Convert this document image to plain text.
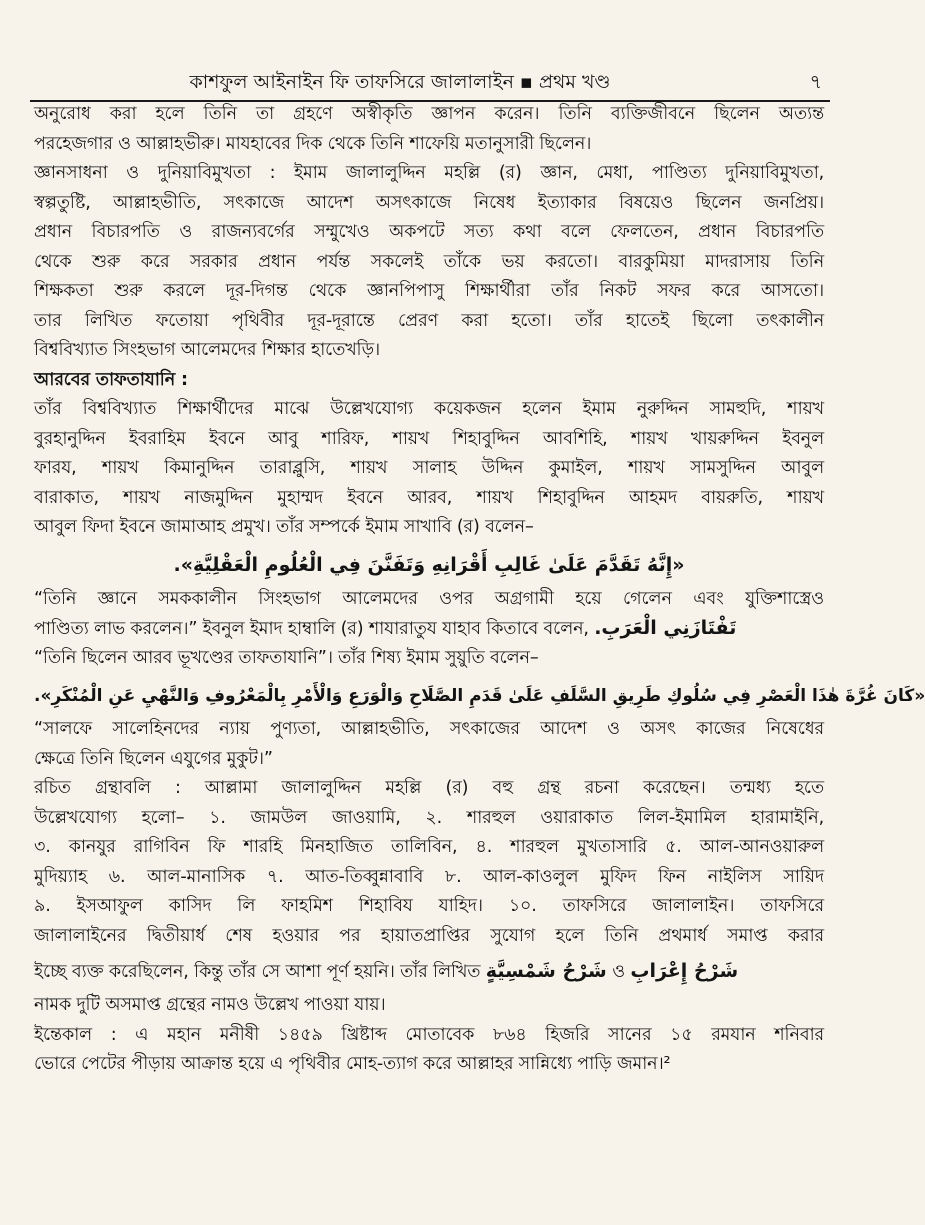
কাশফুল আইনাইন ফি তাফসিরে জালালাইন ▪ প্রথম খণ্ড	৭
অনুরোধ করা হলে তিনি তা গ্রহণে অস্বীকৃতি জ্ঞাপন করেন। তিনি ব্যক্তিজীবনে ছিলেন অত্যন্ত
পরহেজগার ও আল্লাহভীরু। মাযহাবের দিক থেকে তিনি শাফেয়ি মতানুসারী ছিলেন।
জ্ঞানসাধনা ও দুনিয়াবিমুখতা : ইমাম জালালুদ্দিন মহল্লি (র) জ্ঞান, মেধা, পাণ্ডিত্য দুনিয়াবিমুখতা,
স্বল্পতুষ্টি, আল্লাহভীতি, সৎকাজে আদেশ অসৎকাজে নিষেধ ইত্যাকার বিষয়েও ছিলেন জনপ্রিয়।
প্রধান বিচারপতি ও রাজন্যবর্গের সম্মুখেও অকপটে সত্য কথা বলে ফেলতেন, প্রধান বিচারপতি
থেকে শুরু করে সরকার প্রধান পর্যন্ত সকলেই তাঁকে ভয় করতো। বারকুমিয়া মাদরাসায় তিনি
শিক্ষকতা শুরু করলে দূর-দিগন্ত থেকে জ্ঞানপিপাসু শিক্ষার্থীরা তাঁর নিকট সফর করে আসতো।
তার লিখিত ফতোয়া পৃথিবীর দূর-দূরান্তে প্রেরণ করা হতো। তাঁর হাতেই ছিলো তৎকালীন
বিশ্ববিখ্যাত সিংহভাগ আলেমদের শিক্ষার হাতেখড়ি।
আরবের তাফতাযানি :
তাঁর বিশ্ববিখ্যাত শিক্ষার্থীদের মাঝে উল্লেখযোগ্য কয়েকজন হলেন ইমাম নুরুদ্দিন সামহুদি, শায়খ
বুরহানুদ্দিন ইবরাহিম ইবনে আবু শারিফ, শায়খ শিহাবুদ্দিন আবশিহি, শায়খ খায়রুদ্দিন ইবনুল
ফারয, শায়খ কিমানুদ্দিন তারাব্লুসি, শায়খ সালাহ উদ্দিন কুমাইল, শায়খ সামসুদ্দিন আবুল
বারাকাত, শায়খ নাজমুদ্দিন মুহাম্মদ ইবনে আরব, শায়খ শিহাবুদ্দিন আহমদ বায়রুতি, শায়খ
আবুল ফিদা ইবনে জামাআহ প্রমুখ। তাঁর সম্পর্কে ইমাম সাখাবি (র) বলেন–
«إِنَّهُ تَقَدَّمَ عَلَىٰ غَالِبِ أَقْرَانِهِ وَتَفَنَّنَ فِي الْعُلُومِ الْعَقْلِيَّةِ».
“তিনি জ্ঞানে সমককালীন সিংহভাগ আলেমদের ওপর অগ্রগামী হয়ে গেলেন এবং যুক্তিশাস্ত্রেও
পাণ্ডিত্য লাভ করলেন।” ইবনুল ইমাদ হাম্বালি (র) শাযারাতুয যাহাব কিতাবে বলেন, تَفْتَازَنِي الْعَرَبِ.
“তিনি ছিলেন আরব ভূখণ্ডের তাফতাযানি”। তাঁর শিষ্য ইমাম সুয়ুতি বলেন–
«كَانَ غُرَّةَ هٰذَا الْعَصْرِ فِي سُلُوكِ طَرِيقِ السَّلَفِ عَلَىٰ قَدَمِ الصَّلَاحِ وَالْوَرَعِ وَالْأَمْرِ بِالْمَعْرُوفِ وَالنَّهْيِ عَنِ الْمُنْكَرِ».
“সালফে সালেহিনদের ন্যায় পুণ্যতা, আল্লাহভীতি, সৎকাজের আদেশ ও অসৎ কাজের নিষেধের
ক্ষেত্রে তিনি ছিলেন এযুগের মুকুট।”
রচিত গ্রন্থাবলি : আল্লামা জালালুদ্দিন মহল্লি (র) বহু গ্রন্থ রচনা করেছেন। তন্মধ্য হতে
উল্লেখযোগ্য হলো– ১. জামউল জাওয়ামি, ২. শারহুল ওয়ারাকাত লিল-ইমামিল হারামাইনি,
৩. কানযুর রাগিবিন ফি শারহি মিনহাজিত তালিবিন, ৪. শারহুল মুখতাসারি ৫. আল-আনওয়ারুল
মুদিয়্যাহ ৬. আল-মানাসিক ৭. আত-তিব্বুন্নাবাবি ৮. আল-কাওলুল মুফিদ ফিন নাইলিস সায়িদ
৯. ইসআফুল কাসিদ লি ফাহমিশ শিহাবিয যাহিদ। ১০. তাফসিরে জালালাইন। তাফসিরে
জালালাইনের দ্বিতীয়ার্ধ শেষ হওয়ার পর হায়াতপ্রাপ্তির সুযোগ হলে তিনি প্রথমার্ধ সমাপ্ত করার
ইচ্ছে ব্যক্ত করেছিলেন, কিন্তু তাঁর সে আশা পূর্ণ হয়নি। তাঁর লিখিত شَرْحُ شَمْسِيَّةٍ ও شَرْحُ إِعْرَابِ
নামক দুটি অসমাপ্ত গ্রন্থের নামও উল্লেখ পাওয়া যায়।
ইন্তেকাল : এ মহান মনীষী ১৪৫৯ খ্রিষ্টাব্দ মোতাবেক ৮৬৪ হিজরি সানের ১৫ রমযান শনিবার
ভোরে পেটের পীড়ায় আক্রান্ত হয়ে এ পৃথিবীর মোহ-ত্যাগ করে আল্লাহর সান্নিধ্যে পাড়ি জমান।²
